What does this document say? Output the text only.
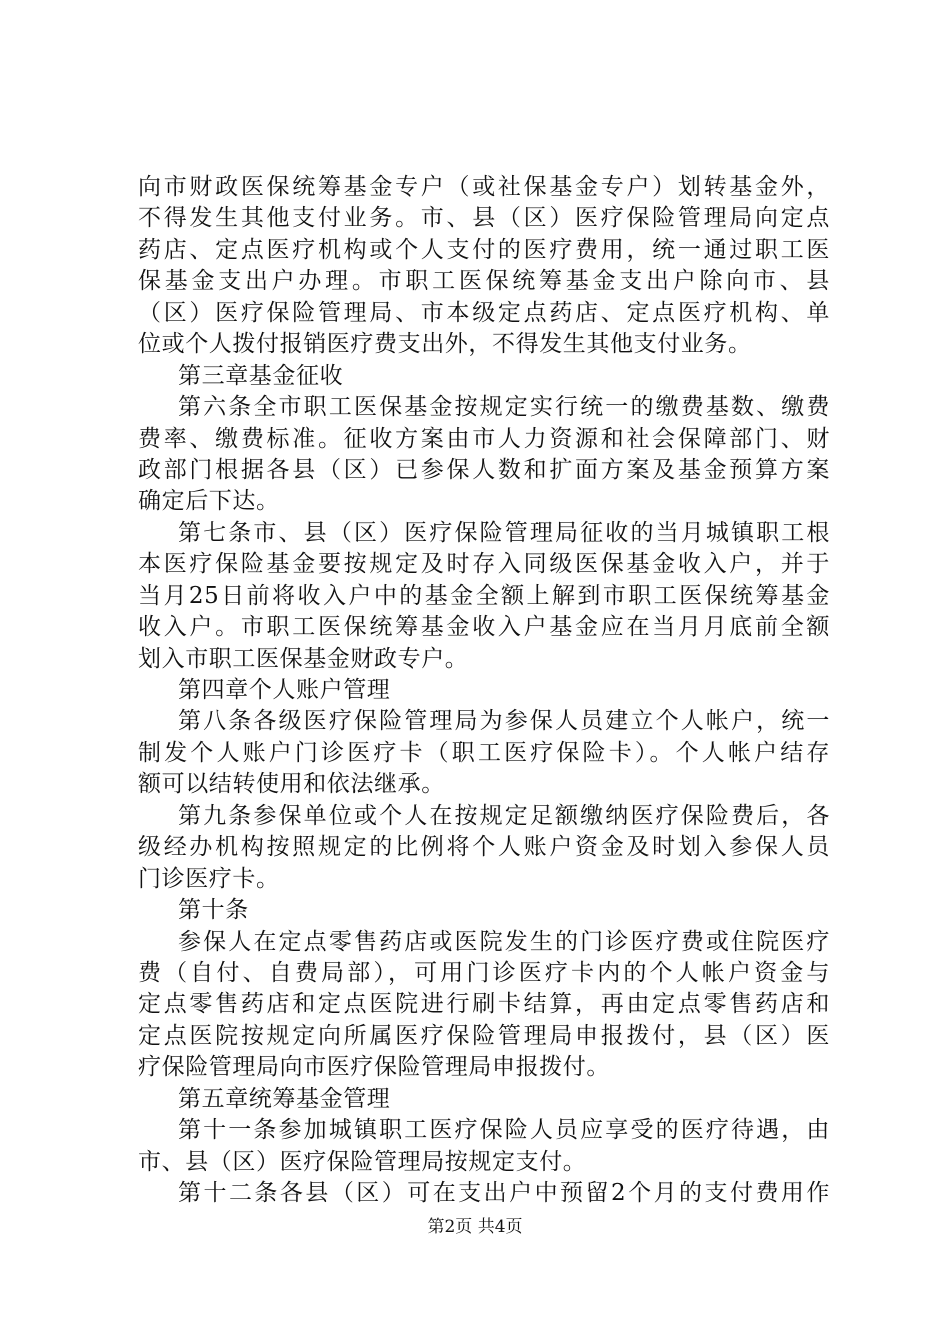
向市财政医保统筹基金专户（或社保基金专户）划转基金外，
不得发生其他支付业务。市、县（区）医疗保险管理局向定点
药店、定点医疗机构或个人支付的医疗费用，统一通过职工医
保基金支出户办理。市职工医保统筹基金支出户除向市、县
（区）医疗保险管理局、市本级定点药店、定点医疗机构、单
位或个人拨付报销医疗费支出外，不得发生其他支付业务。
第三章基金征收
第六条全市职工医保基金按规定实行统一的缴费基数、缴费
费率、缴费标准。征收方案由市人力资源和社会保障部门、财
政部门根据各县（区）已参保人数和扩面方案及基金预算方案
确定后下达。
第七条市、县（区）医疗保险管理局征收的当月城镇职工根
本医疗保险基金要按规定及时存入同级医保基金收入户，并于
当月25日前将收入户中的基金全额上解到市职工医保统筹基金
收入户。市职工医保统筹基金收入户基金应在当月月底前全额
划入市职工医保基金财政专户。
第四章个人账户管理
第八条各级医疗保险管理局为参保人员建立个人帐户，统一
制发个人账户门诊医疗卡（职工医疗保险卡）。个人帐户结存
额可以结转使用和依法继承。
第九条参保单位或个人在按规定足额缴纳医疗保险费后，各
级经办机构按照规定的比例将个人账户资金及时划入参保人员
门诊医疗卡。
第十条
参保人在定点零售药店或医院发生的门诊医疗费或住院医疗
费（自付、自费局部），可用门诊医疗卡内的个人帐户资金与
定点零售药店和定点医院进行刷卡结算，再由定点零售药店和
定点医院按规定向所属医疗保险管理局申报拨付，县（区）医
疗保险管理局向市医疗保险管理局申报拨付。
第五章统筹基金管理
第十一条参加城镇职工医疗保险人员应享受的医疗待遇，由
市、县（区）医疗保险管理局按规定支付。
第十二条各县（区）可在支出户中预留2个月的支付费用作
第2页 共4页
